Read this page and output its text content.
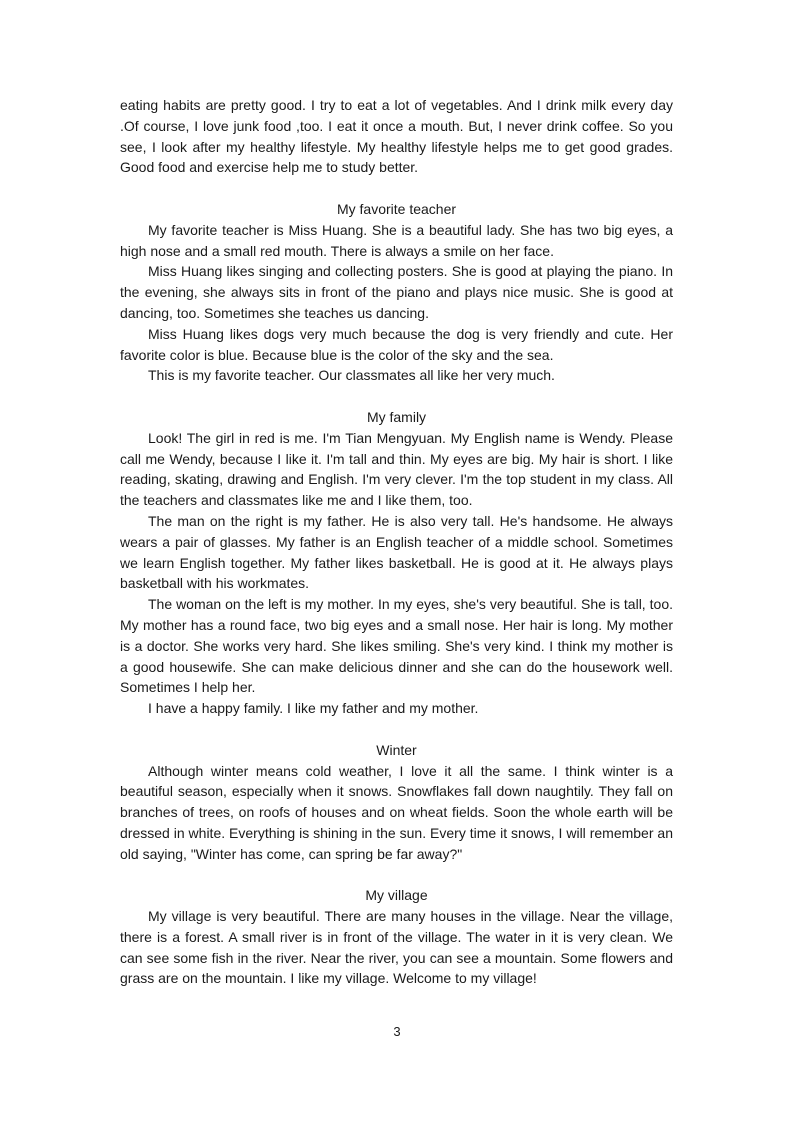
eating habits are pretty good. I try to eat a lot of vegetables. And I drink milk every day .Of course, I love junk food ,too. I eat it once a mouth. But, I never drink coffee. So you see, I look after my healthy lifestyle. My healthy lifestyle helps me to get good grades. Good food and exercise help me to study better.

My favorite teacher

My favorite teacher is Miss Huang. She is a beautiful lady. She has two big eyes, a high nose and a small red mouth. There is always a smile on her face.

Miss Huang likes singing and collecting posters. She is good at playing the piano. In the evening, she always sits in front of the piano and plays nice music. She is good at dancing, too. Sometimes she teaches us dancing.

Miss Huang likes dogs very much because the dog is very friendly and cute. Her favorite color is blue. Because blue is the color of the sky and the sea.

This is my favorite teacher. Our classmates all like her very much.

My family

Look! The girl in red is me. I'm Tian Mengyuan. My English name is Wendy. Please call me Wendy, because I like it. I'm tall and thin. My eyes are big. My hair is short. I like reading, skating, drawing and English. I'm very clever. I'm the top student in my class. All the teachers and classmates like me and I like them, too.

The man on the right is my father. He is also very tall. He's handsome. He always wears a pair of glasses. My father is an English teacher of a middle school. Sometimes we learn English together. My father likes basketball. He is good at it. He always plays basketball with his workmates.

The woman on the left is my mother. In my eyes, she's very beautiful. She is tall, too. My mother has a round face, two big eyes and a small nose. Her hair is long. My mother is a doctor. She works very hard. She likes smiling. She's very kind. I think my mother is a good housewife. She can make delicious dinner and she can do the housework well. Sometimes I help her.

I have a happy family. I like my father and my mother.

Winter

Although winter means cold weather, I love it all the same. I think winter is a beautiful season, especially when it snows. Snowflakes fall down naughtily. They fall on branches of trees, on roofs of houses and on wheat fields. Soon the whole earth will be dressed in white. Everything is shining in the sun. Every time it snows, I will remember an old saying, "Winter has come, can spring be far away?"

My village

My village is very beautiful. There are many houses in the village. Near the village, there is a forest. A small river is in front of the village. The water in it is very clean. We can see some fish in the river. Near the river, you can see a mountain. Some flowers and grass are on the mountain. I like my village. Welcome to my village!

3
